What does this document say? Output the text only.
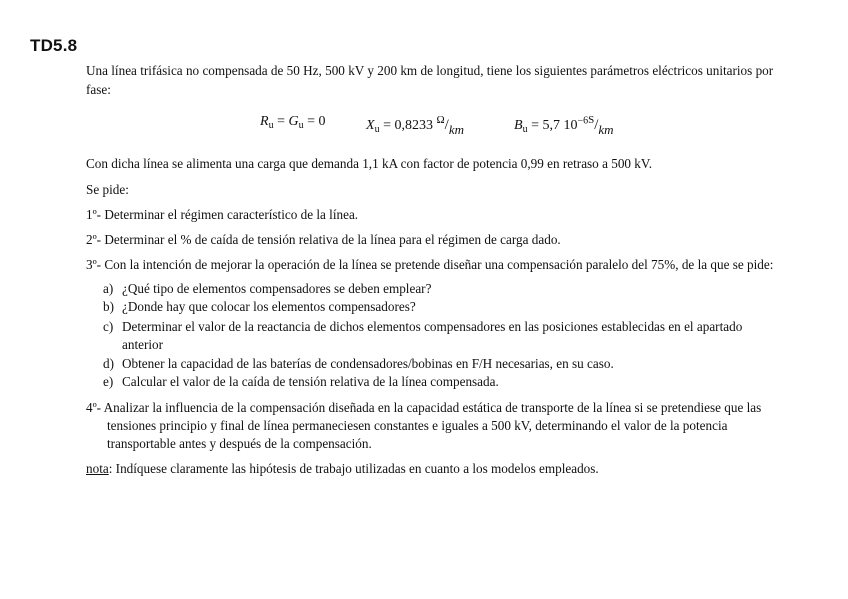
TD5.8
Una línea trifásica no compensada de 50 Hz, 500 kV y 200 km de longitud, tiene los siguientes parámetros eléctricos unitarios por
fase:
$R_u = G_u = 0$	$X_u = 0,8233$ $^\Omega$/km	$B_u = 5,7$ $10^{-6S}/km$
Con dicha línea se alimenta una carga que demanda 1,1 kA con factor de potencia 0,99 en retraso a 500 kV.
Se pide:
1º- Determinar el régimen característico de la línea.
2º- Determinar el % de caída de tensión relativa de la línea para el régimen de carga dado.
3º- Con la intención de mejorar la operación de la línea se pretende diseñar una compensación paralelo del 75%, de la que se pide:
a) ¿Qué tipo de elementos compensadores se deben emplear?
b) ¿Donde hay que colocar los elementos compensadores?
c) Determinar el valor de la reactancia de dichos elementos compensadores en las posiciones establecidas en el apartado
anterior
d) Obtener la capacidad de las baterías de condensadores/bobinas en F/H necesarias, en su caso.
e) Calcular el valor de la caída de tensión relativa de la línea compensada.
4º- Analizar la influencia de la compensación diseñada en la capacidad estática de transporte de la línea si se pretendiese que las
tensiones principio y final de línea permaneciesen constantes e iguales a 500 kV, determinando el valor de la potencia
transportable antes y después de la compensación.
nota: Indíquese claramente las hipótesis de trabajo utilizadas en cuanto a los modelos empleados.
